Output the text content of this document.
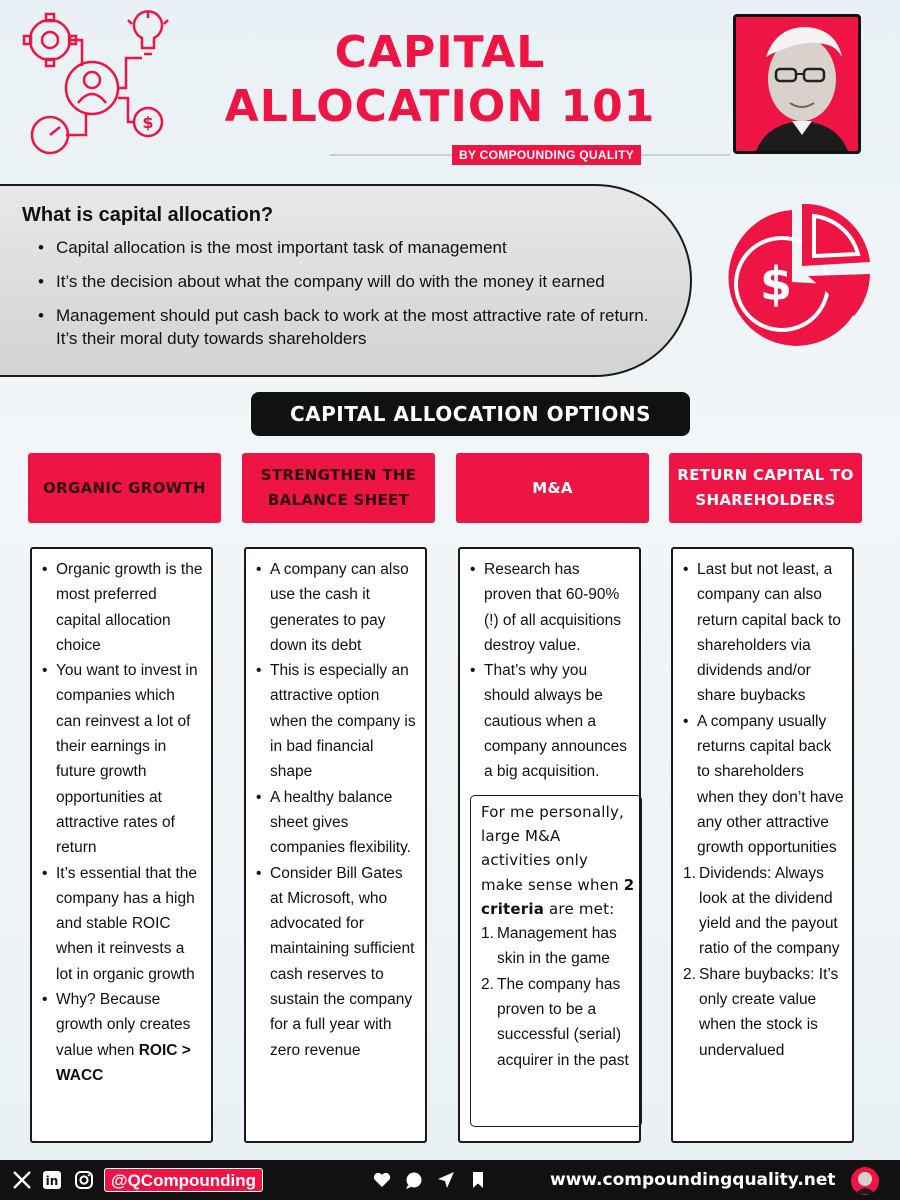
$
CAPITAL
ALLOCATION 101
BY COMPOUNDING QUALITY
What is capital allocation?
• Capital allocation is the most important task of management
• It’s the decision about what the company will do with the money it earned
• Management should put cash back to work at the most attractive rate of return. It’s their moral duty towards shareholders
$
CAPITAL ALLOCATION OPTIONS
ORGANIC GROWTH
STRENGTHEN THE BALANCE SHEET
M&A
RETURN CAPITAL TO SHAREHOLDERS
• Organic growth is the most preferred capital allocation choice
• You want to invest in companies which can reinvest a lot of their earnings in future growth opportunities at attractive rates of return
• It’s essential that the company has a high and stable ROIC when it reinvests a lot in organic growth
• Why? Because growth only creates value when ROIC > WACC
• A company can also use the cash it generates to pay down its debt
• This is especially an attractive option when the company is in bad financial shape
• A healthy balance sheet gives companies flexibility.
• Consider Bill Gates at Microsoft, who advocated for maintaining sufficient cash reserves to sustain the company for a full year with zero revenue
• Research has proven that 60-90% (!) of all acquisitions destroy value.
• That’s why you should always be cautious when a company announces a big acquisition.

For me personally, large M&A activities only make sense when 2 criteria are met:

1. Management has skin in the game
2. The company has proven to be a successful (serial) acquirer in the past
• Last but not least, a company can also return capital back to shareholders via dividends and/or share buybacks
• A company usually returns capital back to shareholders when they don’t have any other attractive growth opportunities
1. Dividends: Always look at the dividend yield and the payout ratio of the company
2. Share buybacks: It’s only create value when the stock is undervalued
in	@QCompounding	www.compoundingquality.net
